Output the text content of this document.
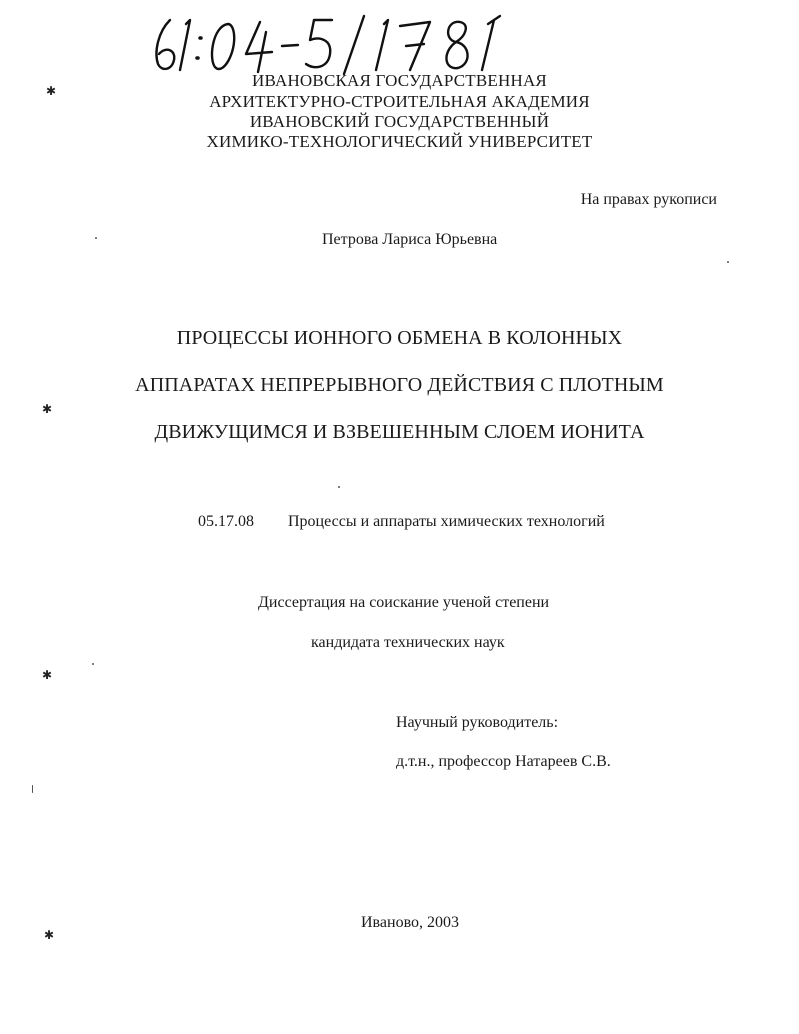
ИВАНОВСКАЯ ГОСУДАРСТВЕННАЯ
АРХИТЕКТУРНО-СТРОИТЕЛЬНАЯ АКАДЕМИЯ
ИВАНОВСКИЙ ГОСУДАРСТВЕННЫЙ
ХИМИКО-ТЕХНОЛОГИЧЕСКИЙ УНИВЕРСИТЕТ
На правах рукописи
Петрова Лариса Юрьевна
ПРОЦЕССЫ ИОННОГО ОБМЕНА В КОЛОННЫХ
АППАРАТАХ НЕПРЕРЫВНОГО ДЕЙСТВИЯ С ПЛОТНЫМ
ДВИЖУЩИМСЯ И ВЗВЕШЕННЫМ СЛОЕМ ИОНИТА
05.17.08 Процессы и аппараты химических технологий
Диссертация на соискание ученой степени
кандидата технических наук
Научный руководитель:
д.т.н., профессор Натареев С.В.
Иваново, 2003
✱
✱
✱
✱
